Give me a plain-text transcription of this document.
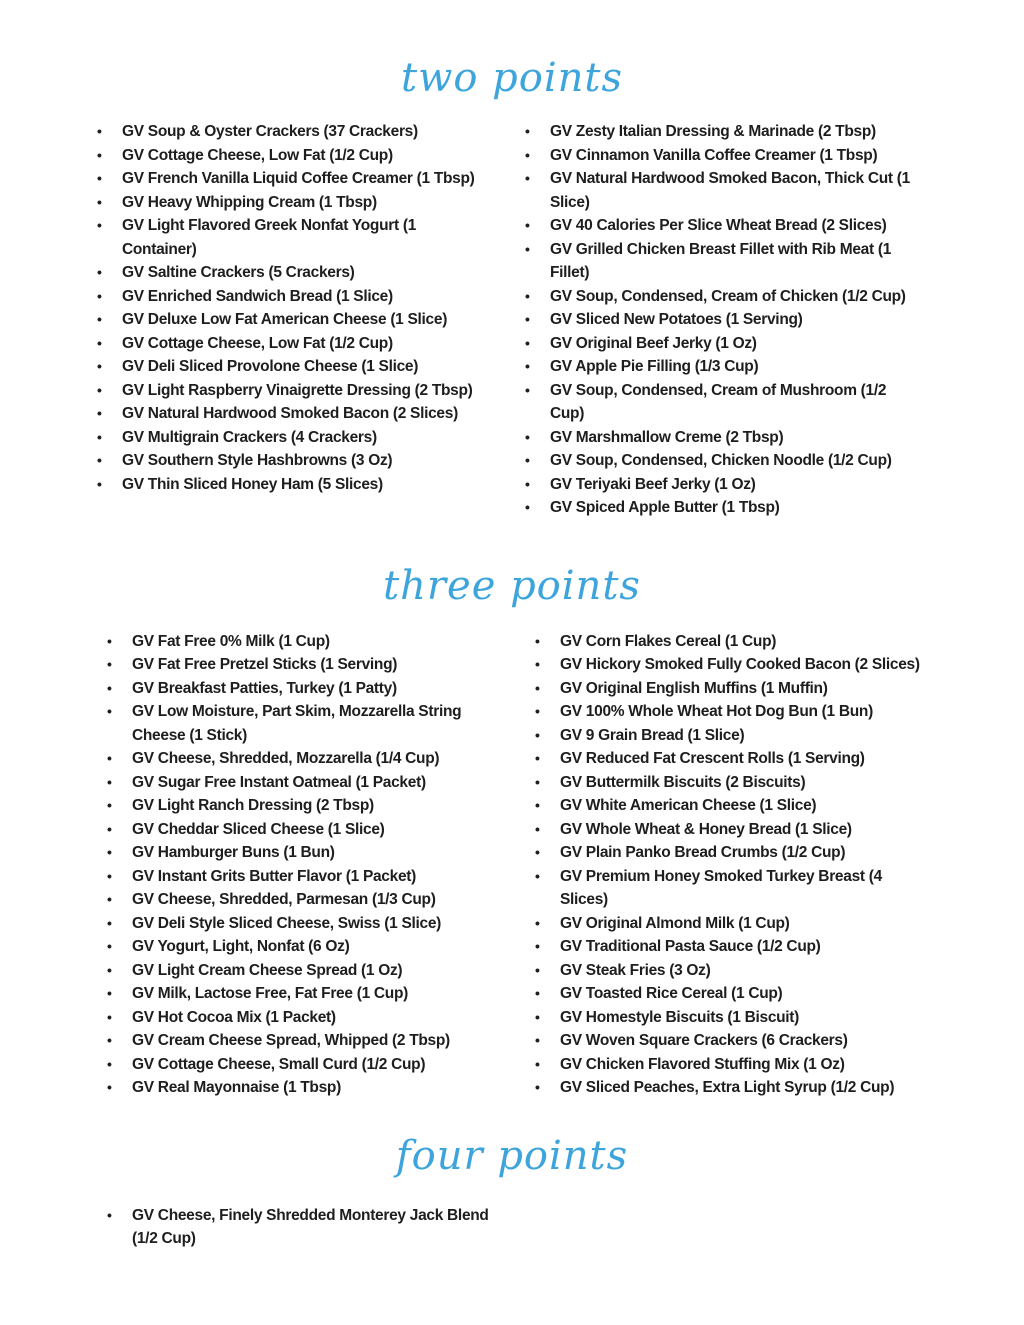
two points
•	GV Soup & Oyster Crackers (37 Crackers)
•	GV Cottage Cheese, Low Fat (1/2 Cup)
•	GV French Vanilla Liquid Coffee Creamer (1 Tbsp)
•	GV Heavy Whipping Cream (1 Tbsp)
•	GV Light Flavored Greek Nonfat Yogurt (1 Container)
•	GV Saltine Crackers (5 Crackers)
•	GV Enriched Sandwich Bread (1 Slice)
•	GV Deluxe Low Fat American Cheese (1 Slice)
•	GV Cottage Cheese, Low Fat (1/2 Cup)
•	GV Deli Sliced Provolone Cheese (1 Slice)
•	GV Light Raspberry Vinaigrette Dressing (2 Tbsp)
•	GV Natural Hardwood Smoked Bacon (2 Slices)
•	GV Multigrain Crackers (4 Crackers)
•	GV Southern Style Hashbrowns (3 Oz)
•	GV Thin Sliced Honey Ham (5 Slices)
•	GV Zesty Italian Dressing & Marinade (2 Tbsp)
•	GV Cinnamon Vanilla Coffee Creamer (1 Tbsp)
•	GV Natural Hardwood Smoked Bacon, Thick Cut (1 Slice)
•	GV 40 Calories Per Slice Wheat Bread (2 Slices)
•	GV Grilled Chicken Breast Fillet with Rib Meat (1 Fillet)
•	GV Soup, Condensed, Cream of Chicken (1/2 Cup)
•	GV Sliced New Potatoes (1 Serving)
•	GV Original Beef Jerky (1 Oz)
•	GV Apple Pie Filling (1/3 Cup)
•	GV Soup, Condensed, Cream of Mushroom (1/2 Cup)
•	GV Marshmallow Creme (2 Tbsp)
•	GV Soup, Condensed, Chicken Noodle (1/2 Cup)
•	GV Teriyaki Beef Jerky (1 Oz)
•	GV Spiced Apple Butter (1 Tbsp)
three points
•	GV Fat Free 0% Milk (1 Cup)
•	GV Fat Free Pretzel Sticks (1 Serving)
•	GV Breakfast Patties, Turkey (1 Patty)
•	GV Low Moisture, Part Skim, Mozzarella String Cheese (1 Stick)
•	GV Cheese, Shredded, Mozzarella (1/4 Cup)
•	GV Sugar Free Instant Oatmeal (1 Packet)
•	GV Light Ranch Dressing (2 Tbsp)
•	GV Cheddar Sliced Cheese (1 Slice)
•	GV Hamburger Buns (1 Bun)
•	GV Instant Grits Butter Flavor (1 Packet)
•	GV Cheese, Shredded, Parmesan (1/3 Cup)
•	GV Deli Style Sliced Cheese, Swiss (1 Slice)
•	GV Yogurt, Light, Nonfat (6 Oz)
•	GV Light Cream Cheese Spread (1 Oz)
•	GV Milk, Lactose Free, Fat Free (1 Cup)
•	GV Hot Cocoa Mix (1 Packet)
•	GV Cream Cheese Spread, Whipped (2 Tbsp)
•	GV Cottage Cheese, Small Curd (1/2 Cup)
•	GV Real Mayonnaise (1 Tbsp)
•	GV Corn Flakes Cereal (1 Cup)
•	GV Hickory Smoked Fully Cooked Bacon (2 Slices)
•	GV Original English Muffins (1 Muffin)
•	GV 100% Whole Wheat Hot Dog Bun (1 Bun)
•	GV 9 Grain Bread (1 Slice)
•	GV Reduced Fat Crescent Rolls (1 Serving)
•	GV Buttermilk Biscuits (2 Biscuits)
•	GV White American Cheese (1 Slice)
•	GV Whole Wheat & Honey Bread (1 Slice)
•	GV Plain Panko Bread Crumbs (1/2 Cup)
•	GV Premium Honey Smoked Turkey Breast (4 Slices)
•	GV Original Almond Milk (1 Cup)
•	GV Traditional Pasta Sauce (1/2 Cup)
•	GV Steak Fries (3 Oz)
•	GV Toasted Rice Cereal (1 Cup)
•	GV Homestyle Biscuits (1 Biscuit)
•	GV Woven Square Crackers (6 Crackers)
•	GV Chicken Flavored Stuffing Mix (1 Oz)
•	GV Sliced Peaches, Extra Light Syrup (1/2 Cup)
four points
•	GV Cheese, Finely Shredded Monterey Jack Blend (1/2 Cup)
